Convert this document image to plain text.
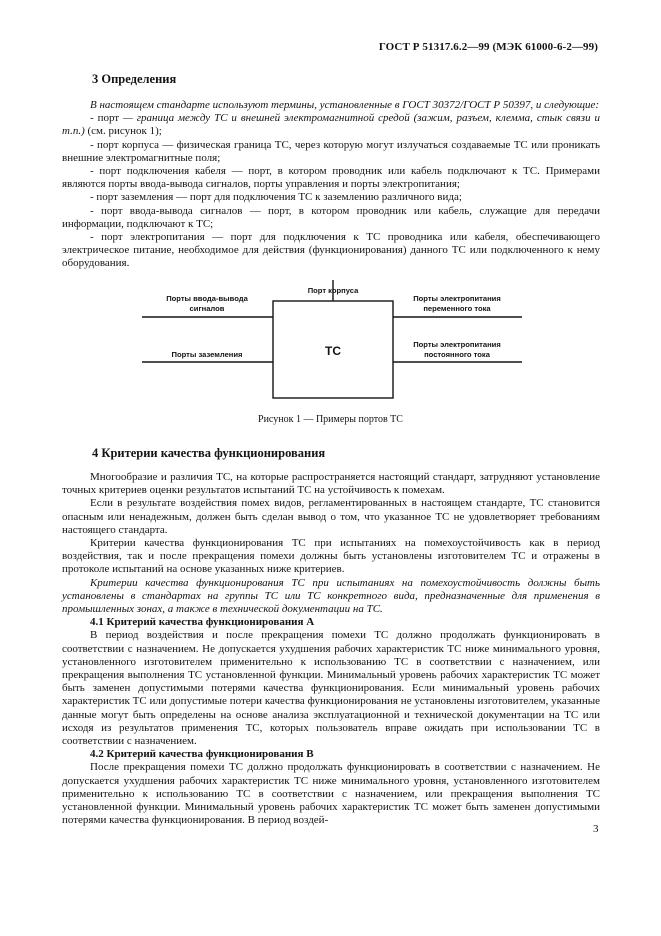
ГОСТ Р 51317.6.2—99 (МЭК 61000-6-2—99)
3 Определения

В настоящем стандарте используют термины, установленные в ГОСТ 30372/ГОСТ Р 50397, и следующие:

- порт — граница между ТС и внешней электромагнитной средой (зажим, разъем, клемма, стык связи и т.п.) (см. рисунок 1);

- порт корпуса — физическая граница ТС, через которую могут излучаться создаваемые ТС или проникать внешние электромагнитные поля;

- порт подключения кабеля — порт, в котором проводник или кабель подключают к ТС. Примерами являются порты ввода-вывода сигналов, порты управления и порты электропитания;

- порт заземления — порт для подключения ТС к заземлению различного вида;

- порт ввода-вывода сигналов — порт, в котором проводник или кабель, служащие для передачи информации, подключают к ТС;

- порт электропитания — порт для подключения к ТС проводника или кабеля, обеспечивающего электрическое питание, необходимое для действия (функционирования) данного ТС или подключенного к нему оборудования.

ТС
Порт корпуса
Порты ввода-вывода
сигналов
Порты заземления
Порты электропитания
переменного тока
Порты электропитания
постоянного тока
Рисунок 1 — Примеры портов ТС
4 Критерии качества функционирования

Многообразие и различия ТС, на которые распространяется настоящий стандарт, затрудняют установление точных критериев оценки результатов испытаний ТС на устойчивость к помехам.

Если в результате воздействия помех видов, регламентированных в настоящем стандарте, ТС становится опасным или ненадежным, должен быть сделан вывод о том, что указанное ТС не удовлетворяет требованиям настоящего стандарта.

Критерии качества функционирования ТС при испытаниях на помехоустойчивость как в период воздействия, так и после прекращения помехи должны быть установлены изготовителем ТС и отражены в протоколе испытаний на основе указанных ниже критериев.

Критерии качества функционирования ТС при испытаниях на помехоустойчивость должны быть установлены в стандартах на группы ТС или ТС конкретного вида, предназначенные для применения в промышленных зонах, а также в технической документации на ТС.

4.1 Критерий качества функционирования А

В период воздействия и после прекращения помехи ТС должно продолжать функционировать в соответствии с назначением. Не допускается ухудшения рабочих характеристик ТС ниже минимального уровня, установленного изготовителем применительно к использованию ТС в соответствии с назначением, или прекращения выполнения ТС установленной функции. Минимальный уровень рабочих характеристик ТС может быть заменен допустимыми потерями качества функционирования. Если минимальный уровень рабочих характеристик ТС или допустимые потери качества функционирования не установлены изготовителем, указанные данные могут быть определены на основе анализа эксплуатационной и технической документации на ТС или исходя из результатов применения ТС, которых пользователь вправе ожидать при использовании ТС в соответствии с назначением.

4.2 Критерий качества функционирования В

После прекращения помехи ТС должно продолжать функционировать в соответствии с назначением. Не допускается ухудшения рабочих характеристик ТС ниже минимального уровня, установленного изготовителем применительно к использованию ТС в соответствии с назначением, или прекращения выполнения ТС установленной функции. Минимальный уровень рабочих характеристик ТС может быть заменен допустимыми потерями качества функционирования. В период воздей-

3
